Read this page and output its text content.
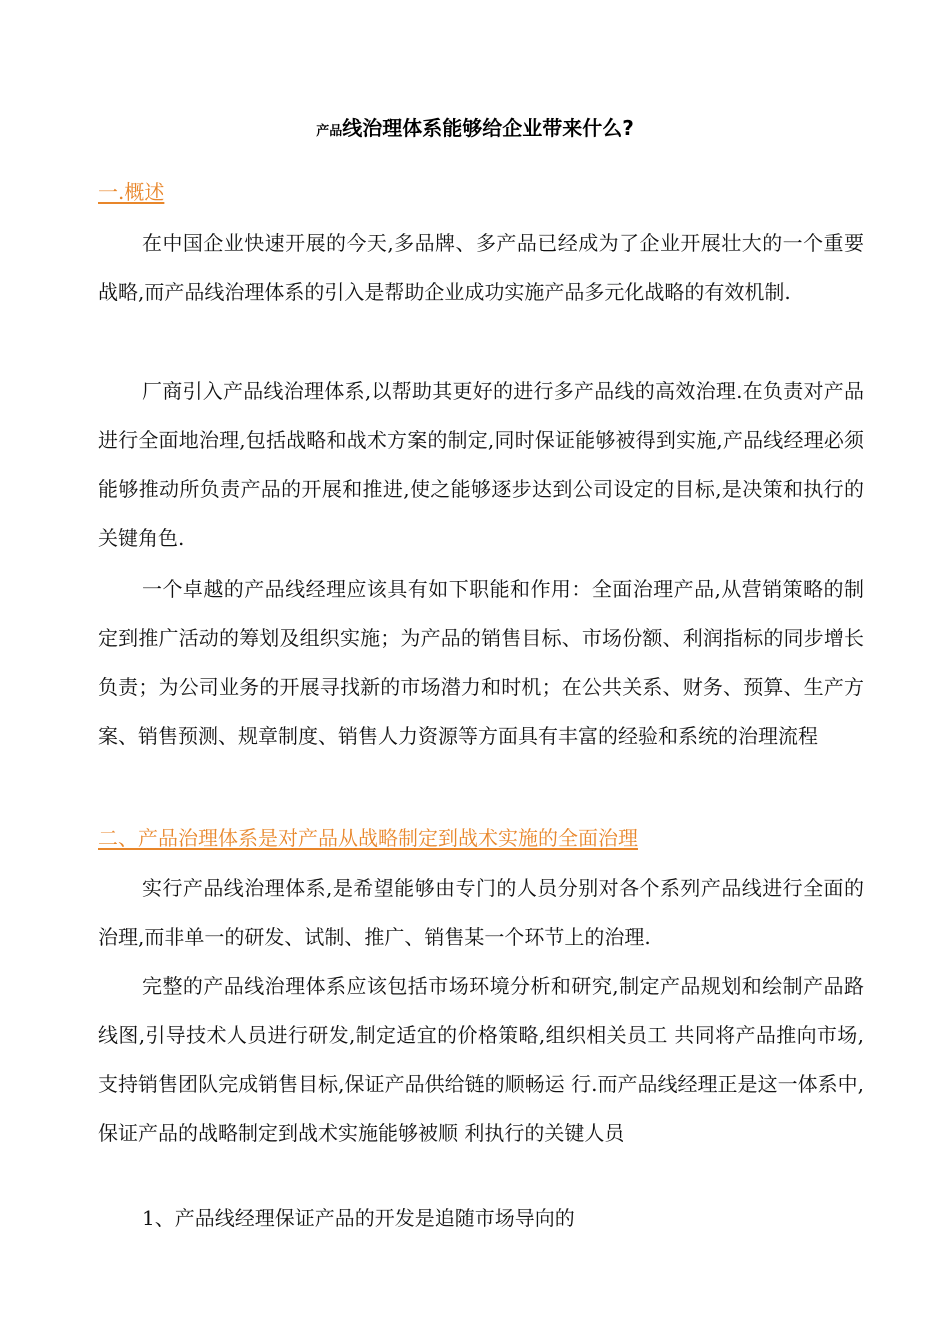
产品线治理体系能够给企业带来什么?
一.概述

在中国企业快速开展的今天,多品牌、多产品已经成为了企业开展壮大的一个重要战略,而产品线治理体系的引入是帮助企业成功实施产品多元化战略的有效机制.

厂商引入产品线治理体系,以帮助其更好的进行多产品线的高效治理.在负责对产品进行全面地治理,包括战略和战术方案的制定,同时保证能够被得到实施,产品线经理必须能够推动所负责产品的开展和推进,使之能够逐步达到公司设定的目标,是决策和执行的关键角色.

一个卓越的产品线经理应该具有如下职能和作用：全面治理产品,从营销策略的制定到推广活动的筹划及组织实施；为产品的销售目标、市场份额、利润指标的同步增长负责；为公司业务的开展寻找新的市场潜力和时机；在公共关系、财务、预算、生产方案、销售预测、规章制度、销售人力资源等方面具有丰富的经验和系统的治理流程

二、产品治理体系是对产品从战略制定到战术实施的全面治理

实行产品线治理体系,是希望能够由专门的人员分别对各个系列产品线进行全面的治理,而非单一的研发、试制、推广、销售某一个环节上的治理.

完整的产品线治理体系应该包括市场环境分析和研究,制定产品规划和绘制产品路线图,引导技术人员进行研发,制定适宜的价格策略,组织相关员工 共同将产品推向市场,支持销售团队完成销售目标,保证产品供给链的顺畅运 行.而产品线经理正是这一体系中,保证产品的战略制定到战术实施能够被顺 利执行的关键人员

1、产品线经理保证产品的开发是追随市场导向的
